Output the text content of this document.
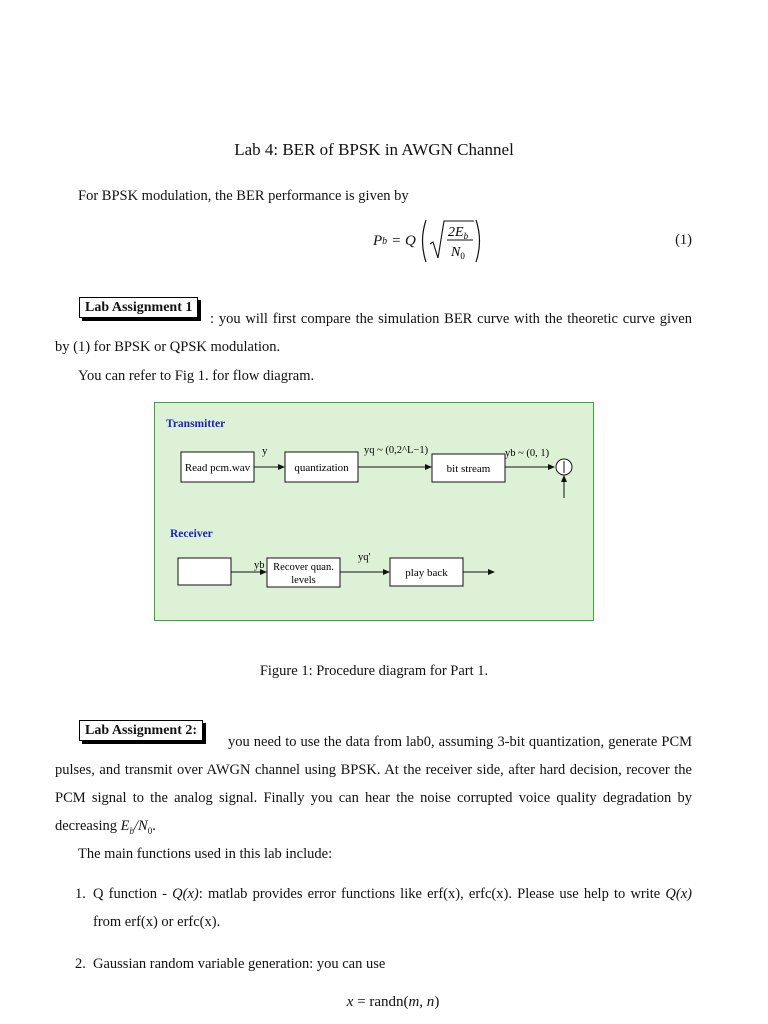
Lab 4: BER of BPSK in AWGN Channel
For BPSK modulation, the BER performance is given by
P b = Q $2E_b$
$N_0$
(1)
Lab Assignment 1
: you will first compare the simulation BER curve with the theoretic curve given by (1) for BPSK or QPSK modulation.
You can refer to Fig 1. for flow diagram.
Transmitter
Read pcm.wav	quantization	bit stream
y	yq ~ (0,2^L−1)	yb ~ (0, 1)
Receiver
Recover quan.
levels
play back
yb
yq'
Figure 1: Procedure diagram for Part 1.
Lab Assignment 2:
you need to use the data from lab0, assuming 3-bit quantization, generate PCM pulses, and transmit over AWGN channel using BPSK. At the receiver side, after hard decision, recover the PCM signal to the analog signal. Finally you can hear the noise corrupted voice quality degradation by decreasing $E_b/N_0$.
The main functions used in this lab include:
1. Q function - Q(x): matlab provides error functions like erf(x), erfc(x). Please use help to write Q(x) from erf(x) or erfc(x).
2. Gaussian random variable generation: you can use
x = randn(m, n)
